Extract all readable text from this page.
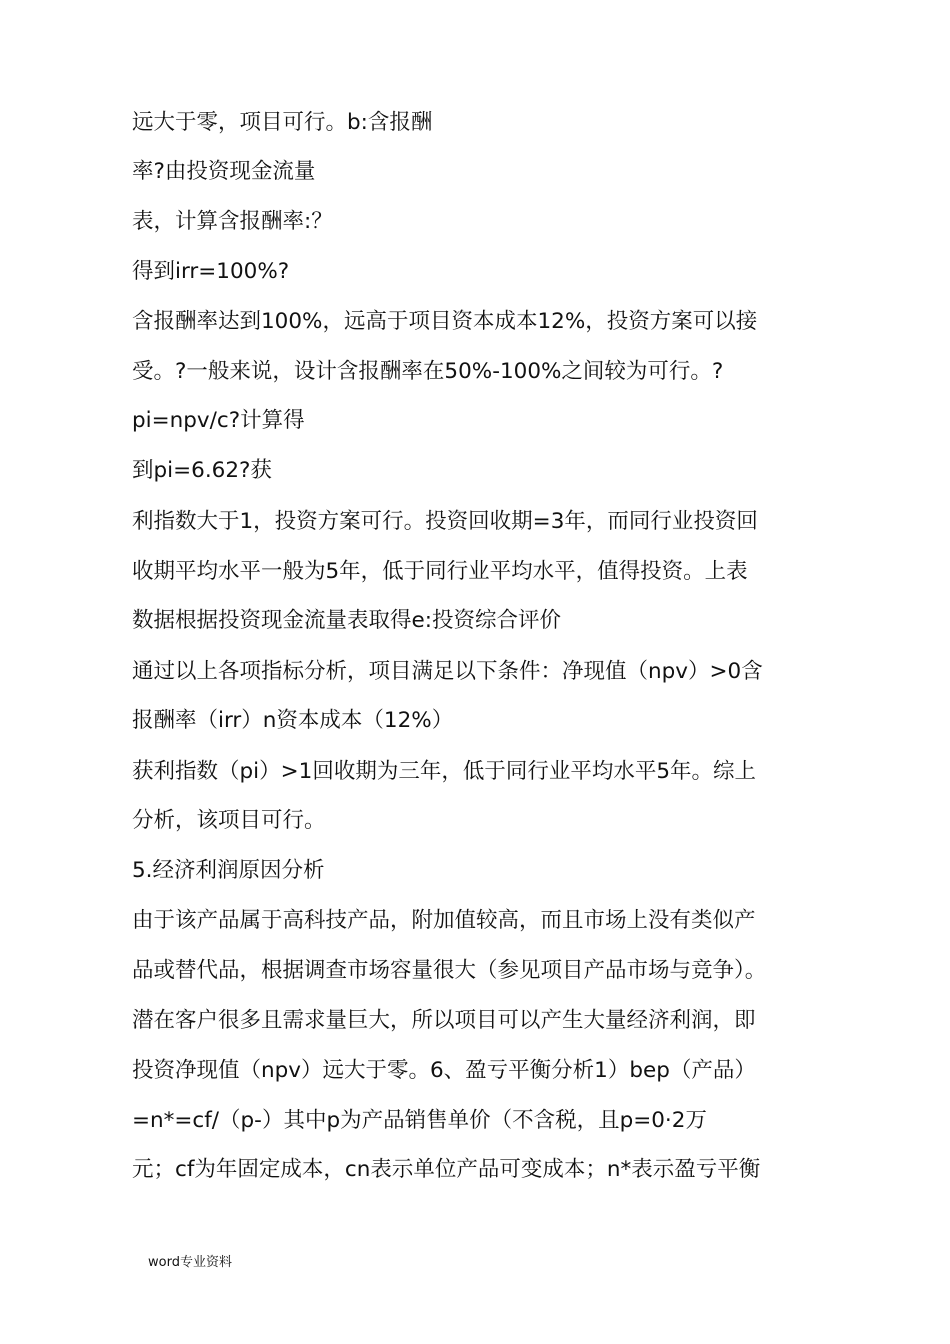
远大于零，项目可行。b:含报酬
率?由投资现金流量
表，计算含报酬率:？
得到irr=100%?
含报酬率达到100%，远高于项目资本成本12%，投资方案可以接
受。?一般来说，设计含报酬率在50%-100%之间较为可行。?
pi=npv/c?计算得
到pi=6.62?获
利指数大于1，投资方案可行。投资回收期=3年，而同行业投资回
收期平均水平一般为5年，低于同行业平均水平，值得投资。上表
数据根据投资现金流量表取得e:投资综合评价
通过以上各项指标分析，项目满足以下条件：净现值（npv）>0含
报酬率（irr）n资本成本（12%）
获利指数（pi）>1回收期为三年，低于同行业平均水平5年。综上
分析，该项目可行。
5.经济利润原因分析
由于该产品属于高科技产品，附加值较高，而且市场上没有类似产
品或替代品，根据调查市场容量很大（参见项目产品市场与竞争）。
潜在客户很多且需求量巨大，所以项目可以产生大量经济利润，即
投资净现值（npv）远大于零。6、盈亏平衡分析1）bep（产品）
=n*=cf/（p-）其中p为产品销售单价（不含税，且p=0·2万
元；cf为年固定成本，cn表示单位产品可变成本；n*表示盈亏平衡
word专业资料
